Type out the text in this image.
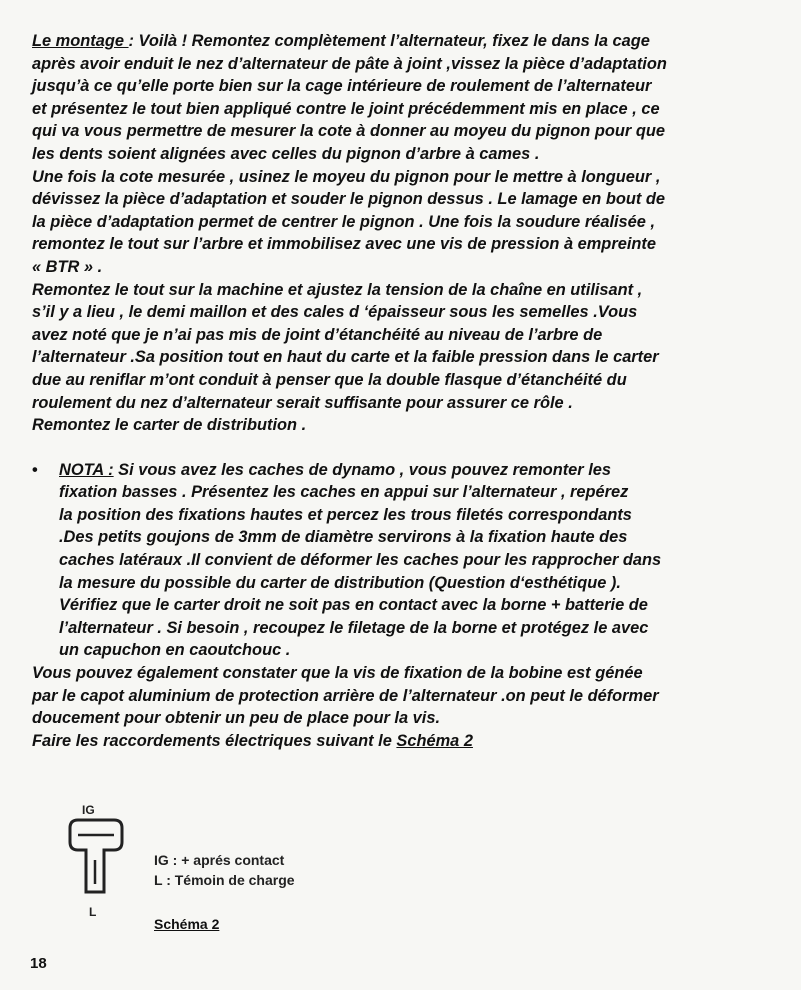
Le montage : Voilà ! Remontez complètement l’alternateur, fixez le dans la cage
après avoir enduit le nez d’alternateur de pâte à joint ,vissez la pièce d’adaptation
jusqu’à ce qu’elle porte bien sur la cage intérieure de roulement de l’alternateur
et présentez le tout bien appliqué contre le joint précédemment mis en place , ce
qui va vous permettre de mesurer la cote à donner au moyeu du pignon pour que
les dents soient alignées avec celles du pignon d’arbre à cames .
Une fois la cote mesurée , usinez le moyeu du pignon pour le mettre à longueur ,
dévissez la pièce d’adaptation et souder le pignon dessus . Le lamage en bout de
la pièce d’adaptation permet de centrer le pignon . Une fois la soudure réalisée ,
remontez le tout sur l’arbre et immobilisez avec une vis de pression à empreinte
« BTR » .
Remontez le tout sur la machine et ajustez la tension de la chaîne en utilisant ,
s’il y a lieu , le demi maillon et des cales d ‘épaisseur sous les semelles .Vous
avez noté que je n’ai pas mis de joint d’étanchéité au niveau de l’arbre de
l’alternateur .Sa position tout en haut du carte et la faible pression dans le carter
due au reniflar m’ont conduit à penser que la double flasque d’étanchéité du
roulement du nez d’alternateur serait suffisante pour assurer ce rôle .
Remontez le carter de distribution .
• NOTA : Si vous avez les caches de dynamo , vous pouvez remonter les
fixation basses . Présentez les caches en appui sur l’alternateur , repérez
la position des fixations hautes et percez les trous filetés correspondants
.Des petits goujons de 3mm de diamètre servirons à la fixation haute des
caches latéraux .Il convient de déformer les caches pour les rapprocher dans
la mesure du possible du carter de distribution (Question d‘esthétique ).
Vérifiez que le carter droit ne soit pas en contact avec la borne + batterie de
l’alternateur . Si besoin , recoupez le filetage de la borne et protégez le avec
un capuchon en caoutchouc .
Vous pouvez également constater que la vis de fixation de la bobine est génée
par le capot aluminium de protection arrière de l’alternateur .on peut le déformer
doucement pour obtenir un peu de place pour la vis.
Faire les raccordements électriques suivant le Schéma 2
IG
L
IG : + aprés contact
L : Témoin de charge
Schéma 2
18
